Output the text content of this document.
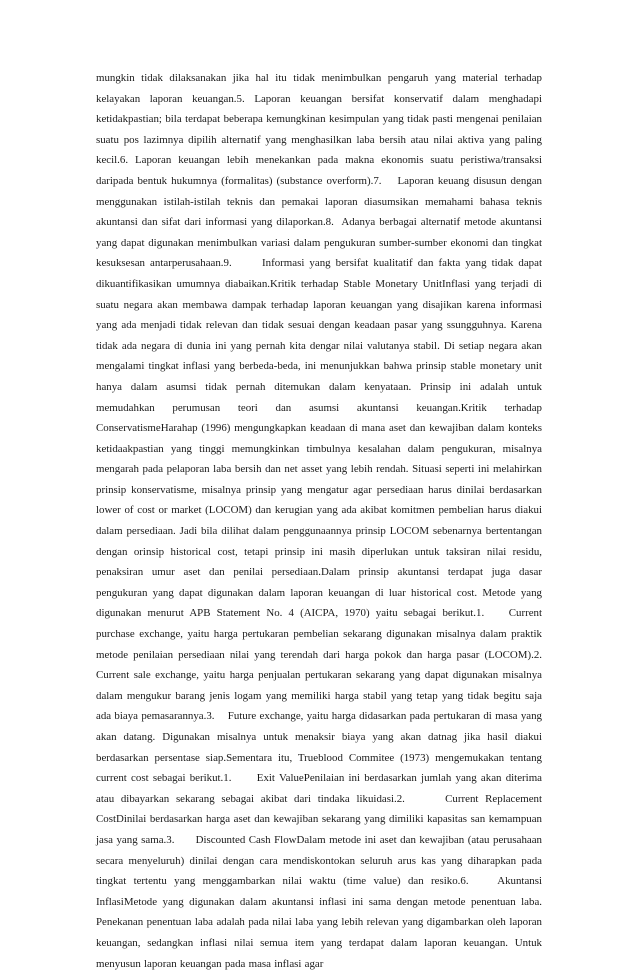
mungkin tidak dilaksanakan jika hal itu tidak menimbulkan pengaruh yang material terhadap kelayakan laporan keuangan.5. Laporan keuangan bersifat konservatif dalam menghadapi ketidakpastian; bila terdapat beberapa kemungkinan kesimpulan yang tidak pasti mengenai penilaian suatu pos lazimnya dipilih alternatif yang menghasilkan laba bersih atau nilai aktiva yang paling kecil.6. Laporan keuangan lebih menekankan pada makna ekonomis suatu peristiwa/transaksi daripada bentuk hukumnya (formalitas) (substance overform).7.    Laporan keuang disusun dengan menggunakan istilah-istilah teknis dan pemakai laporan diasumsikan memahami bahasa teknis akuntansi dan sifat dari informasi yang dilaporkan.8.  Adanya berbagai alternatif metode akuntansi yang dapat digunakan menimbulkan variasi dalam pengukuran sumber-sumber ekonomi dan tingkat kesuksesan antarperusahaan.9.      Informasi yang bersifat kualitatif dan fakta yang tidak dapat dikuantifikasikan umumnya diabaikan.Kritik terhadap Stable Monetary UnitInflasi yang terjadi di suatu negara akan membawa dampak terhadap laporan keuangan yang disajikan karena informasi yang ada menjadi tidak relevan dan tidak sesuai dengan keadaan pasar yang ssungguhnya. Karena tidak ada negara di dunia ini yang pernah kita dengar nilai valutanya stabil. Di setiap negara akan mengalami tingkat inflasi yang berbeda-beda, ini menunjukkan bahwa prinsip stable monetary unit hanya dalam asumsi tidak pernah ditemukan dalam kenyataan. Prinsip ini adalah untuk memudahkan perumusan teori dan asumsi akuntansi keuangan.Kritik terhadap ConservatismeHarahap (1996) mengungkapkan keadaan di mana aset dan kewajiban dalam konteks ketidaakpastian yang tinggi memungkinkan timbulnya kesalahan dalam pengukuran, misalnya mengarah pada pelaporan laba bersih dan net asset yang lebih rendah. Situasi seperti ini melahirkan prinsip konservatisme, misalnya prinsip yang mengatur agar persediaan harus dinilai berdasarkan lower of cost or market (LOCOM) dan kerugian yang ada akibat komitmen pembelian harus diakui dalam persediaan. Jadi bila dilihat dalam penggunaannya prinsip LOCOM sebenarnya bertentangan dengan orinsip historical cost, tetapi prinsip ini masih diperlukan untuk taksiran nilai residu, penaksiran umur aset dan penilai persediaan.Dalam prinsip akuntansi terdapat juga dasar pengukuran yang dapat digunakan dalam laporan keuangan di luar historical cost. Metode yang digunakan menurut APB Statement No. 4 (AICPA, 1970) yaitu sebagai berikut.1.    Current purchase exchange, yaitu harga pertukaran pembelian sekarang digunakan misalnya dalam praktik metode penilaian persediaan nilai yang terendah dari harga pokok dan harga pasar (LOCOM).2.    Current sale exchange, yaitu harga penjualan pertukaran sekarang yang dapat digunakan misalnya dalam mengukur barang jenis logam yang memiliki harga stabil yang tetap yang tidak begitu saja ada biaya pemasarannya.3.    Future exchange, yaitu harga didasarkan pada pertukaran di masa yang akan datang. Digunakan misalnya untuk menaksir biaya yang akan datnag jika hasil diakui berdasarkan persentase siap.Sementara itu, Trueblood Commitee (1973) mengemukakan tentang current cost sebagai berikut.1.      Exit ValuePenilaian ini berdasarkan jumlah yang akan diterima atau dibayarkan sekarang sebagai akibat dari tindaka likuidasi.2.      Current Replacement CostDinilai berdasarkan harga aset dan kewajiban sekarang yang dimiliki kapasitas san kemampuan jasa yang sama.3.      Discounted Cash FlowDalam metode ini aset dan kewajiban (atau perusahaan secara menyeluruh) dinilai dengan cara mendiskontokan seluruh arus kas yang diharapkan pada tingkat tertentu yang menggambarkan nilai waktu (time value) dan resiko.6.    Akuntansi InflasiMetode yang digunakan dalam akuntansi inflasi ini sama dengan metode penentuan laba. Penekanan penentuan laba adalah pada nilai laba yang lebih relevan yang digambarkan oleh laporan keuangan, sedangkan inflasi nilai semua item yang terdapat dalam laporan keuangan. Untuk menyusun laporan keuangan pada masa inflasi agar
